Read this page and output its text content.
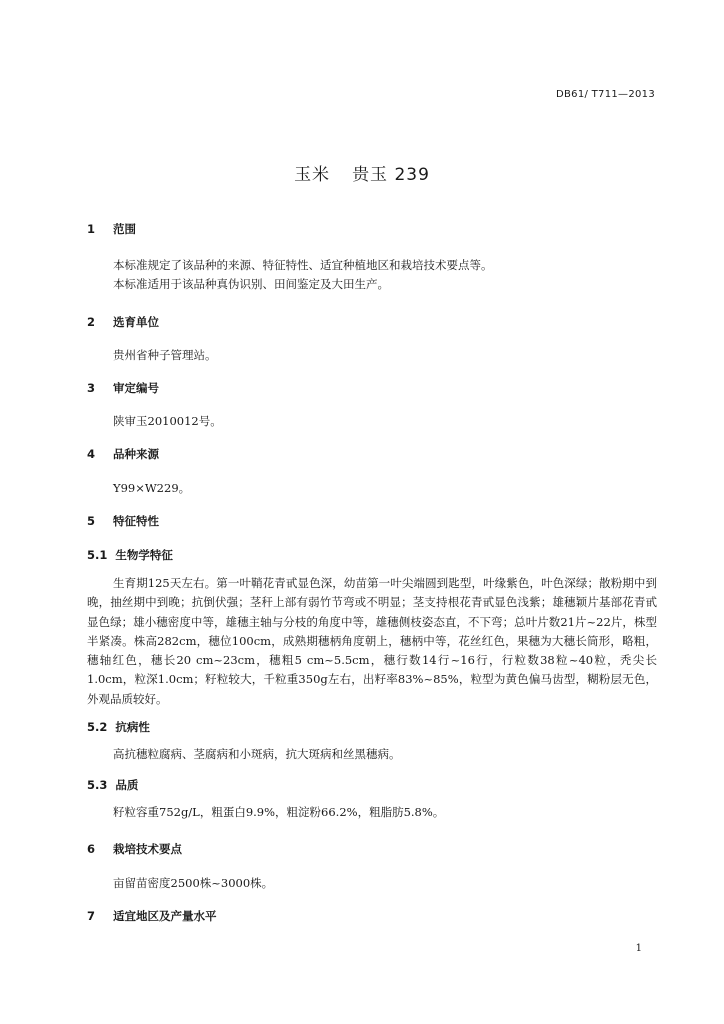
DB61/ T711—2013
玉米 贵玉 239
1 范围

本标准规定了该品种的来源、特征特性、适宜种植地区和栽培技术要点等。

本标准适用于该品种真伪识别、田间鉴定及大田生产。

2 选育单位

贵州省种子管理站。

3 审定编号

陕审玉2010012号。

4 品种来源

Y99×W229。

5 特征特性
5.1 生物学特征

生育期125天左右。第一叶鞘花青甙显色深，幼苗第一叶尖端圆到匙型，叶缘紫色，叶色深绿；散粉期中到晚，抽丝期中到晚；抗倒伏强；茎秆上部有弱竹节弯或不明显；茎支持根花青甙显色浅紫；雄穗颖片基部花青甙显色绿；雄小穗密度中等，雄穗主轴与分枝的角度中等，雄穗侧枝姿态直，不下弯；总叶片数21片~22片，株型半紧凑。株高282cm，穗位100cm，成熟期穗柄角度朝上，穗柄中等，花丝红色，果穗为大穗长筒形，略粗，穗轴红色，穗长20 cm~23cm，穗粗5 cm~5.5cm，穗行数14行~16行，行粒数38粒~40粒，秃尖长1.0cm，粒深1.0cm；籽粒较大，千粒重350g左右，出籽率83%~85%，粒型为黄色偏马齿型，糊粉层无色，外观品质较好。

5.2 抗病性

高抗穗粒腐病、茎腐病和小斑病，抗大斑病和丝黑穗病。

5.3 品质

籽粒容重752g/L，粗蛋白9.9%，粗淀粉66.2%，粗脂肪5.8%。

6 栽培技术要点

亩留苗密度2500株~3000株。

7 适宜地区及产量水平
1
